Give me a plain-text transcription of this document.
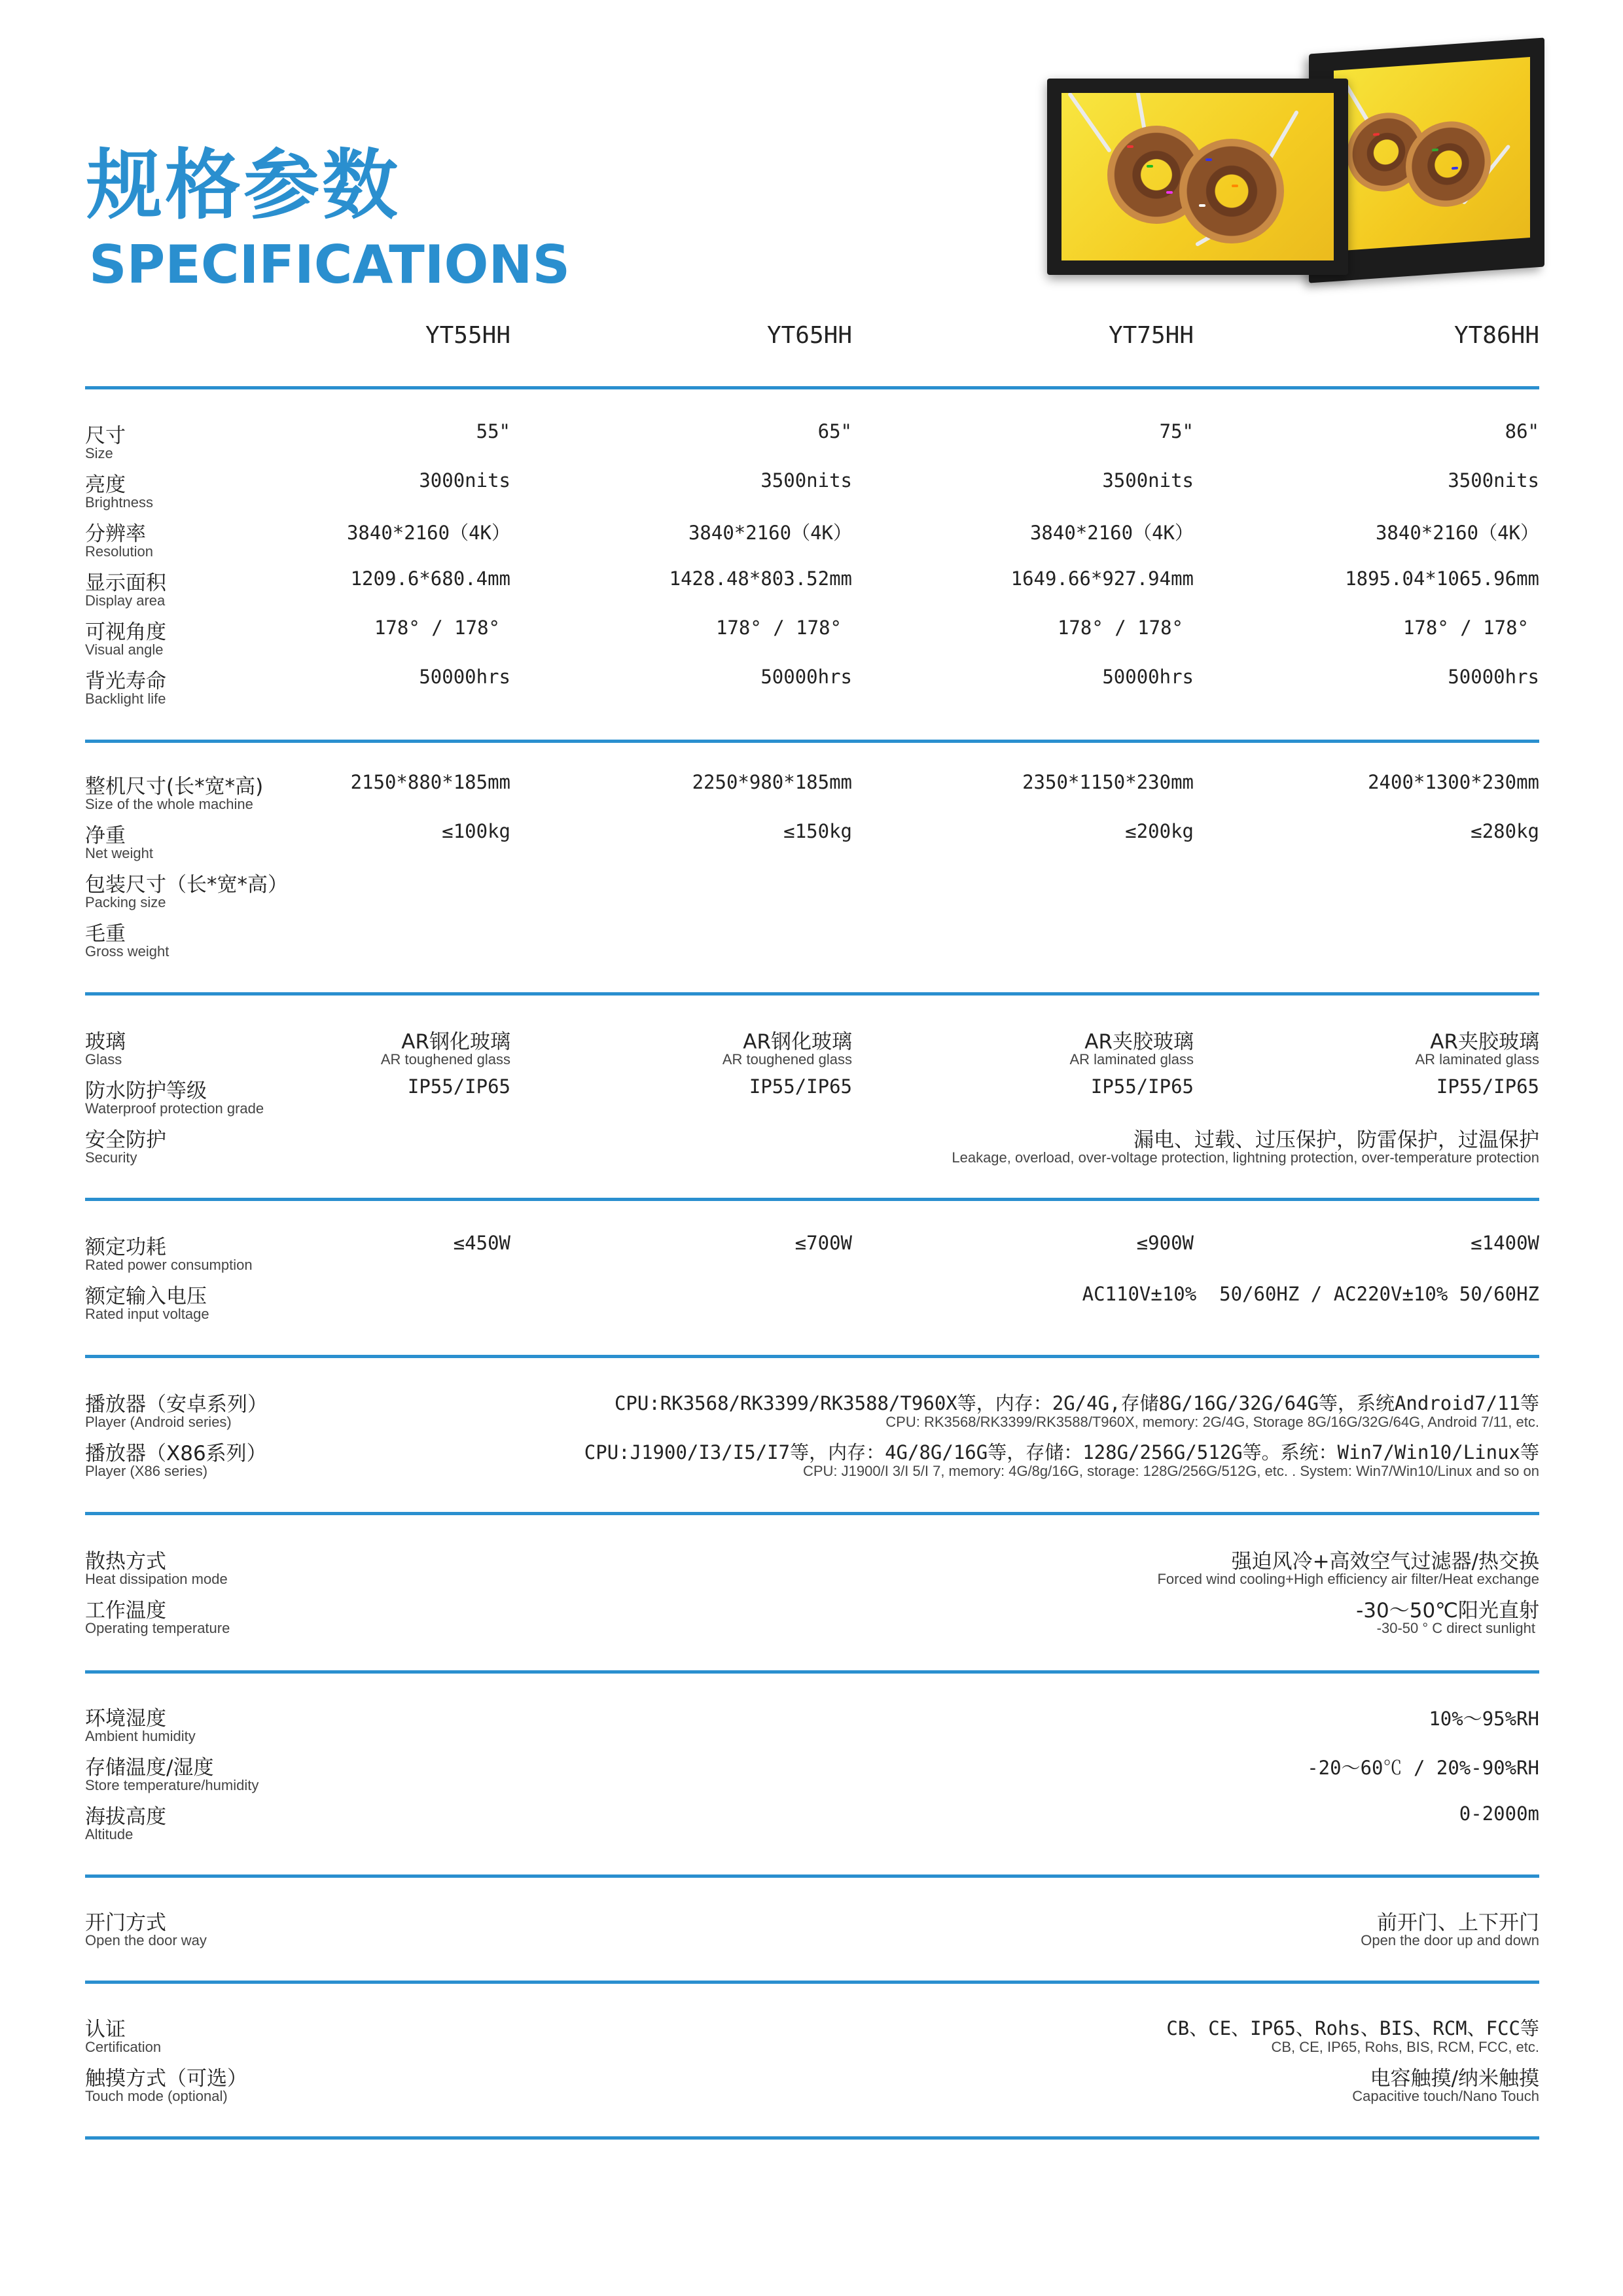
规格参数
SPECIFICATIONS
YT55HH	YT65HH	YT75HH	YT86HH
尺寸
Size
55"	65"	75"	86"
亮度
Brightness
3000nits	3500nits	3500nits	3500nits
分辨率
Resolution
3840*2160（4K）	3840*2160（4K）	3840*2160（4K）	3840*2160（4K）
显示面积
Display area
1209.6*680.4mm	1428.48*803.52mm	1649.66*927.94mm	1895.04*1065.96mm
可视角度
Visual angle
178° / 178°	178° / 178°	178° / 178°	178° / 178°
背光寿命
Backlight life
50000hrs	50000hrs	50000hrs	50000hrs
整机尺寸(长*宽*高)
Size of the whole machine
2150*880*185mm	2250*980*185mm	2350*1150*230mm	2400*1300*230mm
净重
Net weight
≤100kg	≤150kg	≤200kg	≤280kg
包装尺寸（长*宽*高）
Packing size
毛重
Gross weight
玻璃
Glass
AR钢化玻璃	AR钢化玻璃	AR夹胶玻璃	AR夹胶玻璃
AR toughened glass	AR toughened glass	AR laminated glass	AR laminated glass
防水防护等级
Waterproof protection grade
IP55/IP65	IP55/IP65	IP55/IP65	IP55/IP65
安全防护
Security
漏电、过载、过压保护，防雷保护，过温保护
Leakage, overload, over-voltage protection, lightning protection, over-temperature protection
额定功耗
Rated power consumption
≤450W	≤700W	≤900W	≤1400W
额定输入电压
Rated input voltage
AC110V±10%  50/60HZ / AC220V±10% 50/60HZ
播放器（安卓系列）
Player (Android series)
CPU:RK3568/RK3399/RK3588/T960X等，内存：2G/4G,存储8G/16G/32G/64G等，系统Android7/11等
CPU: RK3568/RK3399/RK3588/T960X, memory: 2G/4G, Storage 8G/16G/32G/64G, Android 7/11, etc.
播放器（X86系列）
Player (X86 series)
CPU:J1900/I3/I5/I7等，内存：4G/8G/16G等，存储：128G/256G/512G等。系统：Win7/Win10/Linux等
CPU: J1900/I 3/I 5/I 7, memory: 4G/8g/16G, storage: 128G/256G/512G, etc. . System: Win7/Win10/Linux and so on
散热方式
Heat dissipation mode
强迫风冷+高效空气过滤器/热交换
Forced wind cooling+High efficiency air filter/Heat exchange
工作温度
Operating temperature
-30～50℃阳光直射
-30-50 ° C direct sunlight
环境湿度
Ambient humidity
10%～95%RH
存储温度/湿度
Store temperature/humidity
-20～60℃ / 20%-90%RH
海拔高度
Altitude
0-2000m
开门方式
Open the door way
前开门、上下开门
Open the door up and down
认证
Certification
CB、CE、IP65、Rohs、BIS、RCM、FCC等
CB, CE, IP65, Rohs, BIS, RCM, FCC, etc.
触摸方式（可选）
Touch mode (optional)
电容触摸/纳米触摸
Capacitive touch/Nano Touch
